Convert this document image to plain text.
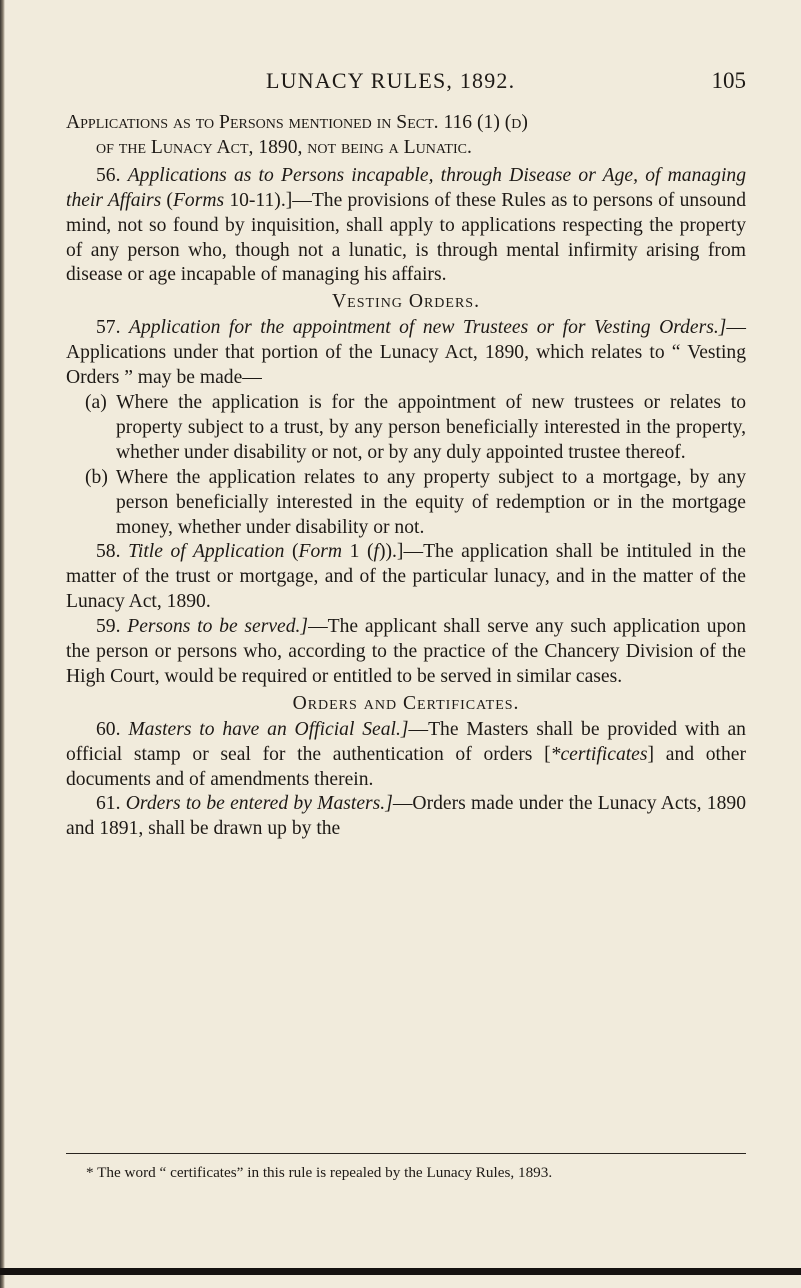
LUNACY RULES, 1892.	105

Applications as to Persons mentioned in Sect. 116 (1) (d)

of the Lunacy Act, 1890, not being a Lunatic.

56. Applications as to Persons incapable, through Disease or Age, of managing their Affairs (Forms 10-11).]—The provisions of these Rules as to persons of unsound mind, not so found by inquisition, shall apply to applications respecting the property of any person who, though not a lunatic, is through mental infirmity arising from disease or age incapable of managing his affairs.

Vesting Orders.

57. Application for the appointment of new Trustees or for Vesting Orders.]—Applications under that portion of the Lunacy Act, 1890, which relates to “ Vesting Orders ” may be made—

(a) Where the application is for the appointment of new trustees or relates to property subject to a trust, by any person beneficially interested in the property, whether under disability or not, or by any duly appointed trustee thereof.

(b) Where the application relates to any property subject to a mortgage, by any person beneficially interested in the equity of redemption or in the mortgage money, whether under disability or not.

58. Title of Application (Form 1 (f)).]—The application shall be intituled in the matter of the trust or mortgage, and of the particular lunacy, and in the matter of the Lunacy Act, 1890.

59. Persons to be served.]—The applicant shall serve any such application upon the person or persons who, according to the practice of the Chancery Division of the High Court, would be required or entitled to be served in similar cases.

Orders and Certificates.

60. Masters to have an Official Seal.]—The Masters shall be provided with an official stamp or seal for the authentication of orders [*certificates] and other documents and of amendments therein.

61. Orders to be entered by Masters.]—Orders made under the Lunacy Acts, 1890 and 1891, shall be drawn up by the

* The word “ certificates” in this rule is repealed by the Lunacy Rules, 1893.
